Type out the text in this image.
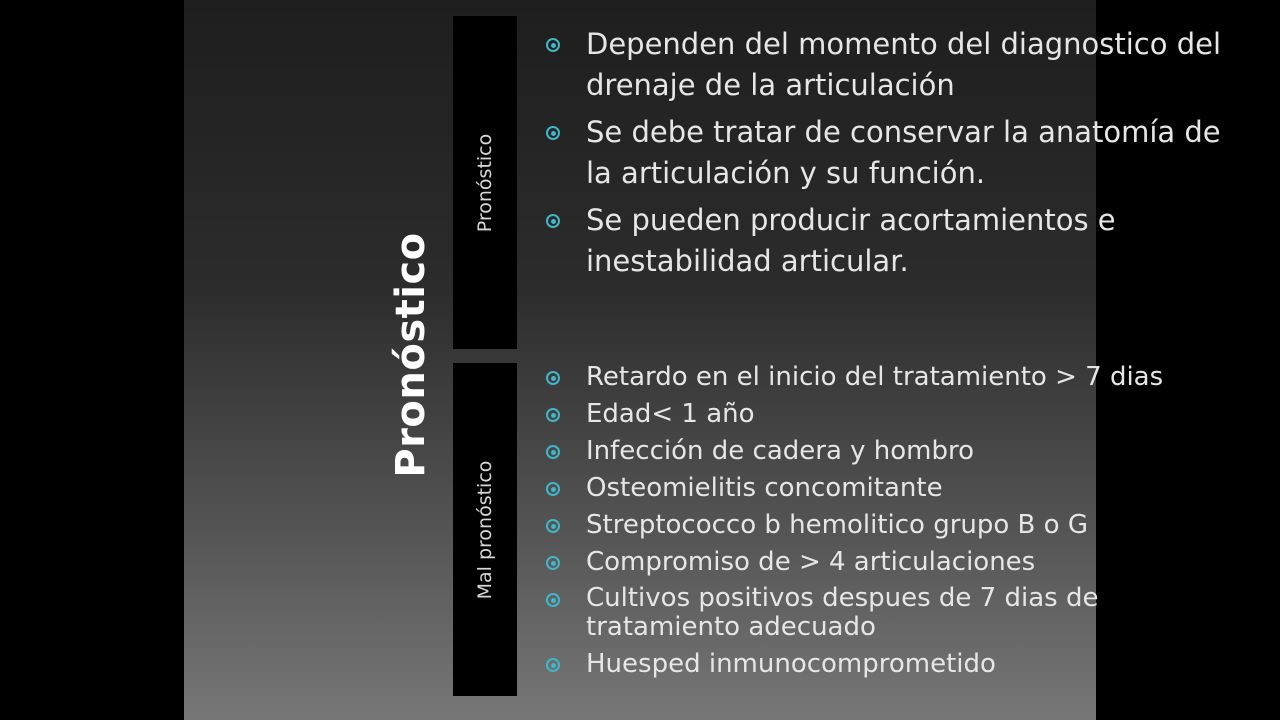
Pronóstico
Pronóstico
Dependen del momento del diagnostico del drenaje de la articulación
Se debe tratar de conservar la anatomía de la articulación y su función.
Se pueden producir acortamientos e inestabilidad articular.
Mal pronóstico
Retardo en el inicio del tratamiento > 7 dias
Edad< 1 año
Infección de cadera y hombro
Osteomielitis concomitante
Streptococco b hemolitico grupo B o G
Compromiso de > 4 articulaciones
Cultivos positivos despues de 7 dias de tratamiento adecuado
Huesped inmunocomprometido
